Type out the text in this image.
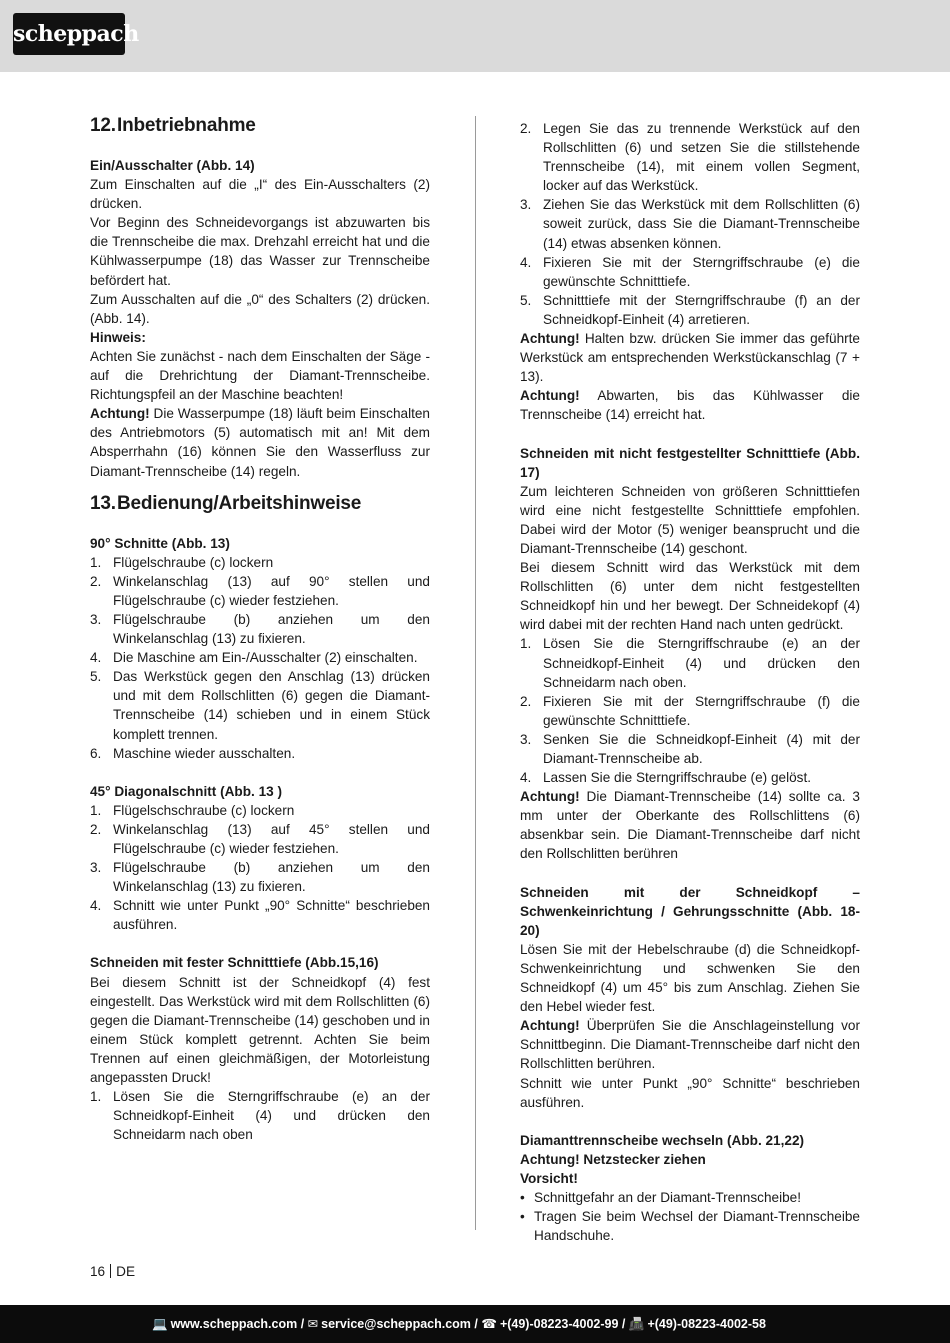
scheppach
12.Inbetriebnahme

Ein/Ausschalter (Abb. 14)

Zum Einschalten auf die „I“ des Ein-Ausschalters (2) drücken.

Vor Beginn des Schneidevorgangs ist abzuwarten bis die Trennscheibe die max. Drehzahl erreicht hat und die Kühlwasserpumpe (18) das Wasser zur Trennscheibe befördert hat.

Zum Ausschalten auf die „0“ des Schalters (2) drücken. (Abb. 14).

Hinweis:

Achten Sie zunächst - nach dem Einschalten der Säge - auf die Drehrichtung der Diamant-Trennscheibe. Richtungspfeil an der Maschine beachten!

Achtung! Die Wasserpumpe (18) läuft beim Einschalten des Antriebmotors (5) automatisch mit an! Mit dem Absperrhahn (16) können Sie den Wasserfluss zur Diamant-Trennscheibe (14) regeln.

13.Bedienung/Arbeitshinweise

90° Schnitte (Abb. 13)

1. Flügelschraube (c) lockern
2. Winkelanschlag (13) auf 90° stellen und Flügelschraube (c) wieder festziehen.
3. Flügelschraube (b) anziehen um den Winkelanschlag (13) zu fixieren.
4. Die Maschine am Ein-/Ausschalter (2) einschalten.
5. Das Werkstück gegen den Anschlag (13) drücken und mit dem Rollschlitten (6) gegen die Diamant-Trennscheibe (14) schieben und in einem Stück komplett trennen.
6. Maschine wieder ausschalten.

45° Diagonalschnitt (Abb. 13 )

1. Flügelschschraube (c) lockern
2. Winkelanschlag (13) auf 45° stellen und Flügelschraube (c) wieder festziehen.
3. Flügelschraube (b) anziehen um den Winkelanschlag (13) zu fixieren.
4. Schnitt wie unter Punkt „90° Schnitte“ beschrieben ausführen.

Schneiden mit fester Schnitttiefe (Abb.15,16)

Bei diesem Schnitt ist der Schneidkopf (4) fest eingestellt. Das Werkstück wird mit dem Rollschlitten (6) gegen die Diamant-Trennscheibe (14) geschoben und in einem Stück komplett getrennt. Achten Sie beim Trennen auf einen gleichmäßigen, der Motorleistung angepassten Druck!

1. Lösen Sie die Sterngriffschraube (e) an der Schneidkopf-Einheit (4) und drücken den Schneidarm nach oben
2. Legen Sie das zu trennende Werkstück auf den Rollschlitten (6) und setzen Sie die stillstehende Trennscheibe (14), mit einem vollen Segment, locker auf das Werkstück.
3. Ziehen Sie das Werkstück mit dem Rollschlitten (6) soweit zurück, dass Sie die Diamant-Trennscheibe (14) etwas absenken können.
4. Fixieren Sie mit der Sterngriffschraube (e) die gewünschte Schnitttiefe.
5. Schnitttiefe mit der Sterngriffschraube (f) an der Schneidkopf-Einheit (4) arretieren.

Achtung! Halten bzw. drücken Sie immer das geführte Werkstück am entsprechenden Werkstückanschlag (7 + 13).

Achtung! Abwarten, bis das Kühlwasser die Trennscheibe (14) erreicht hat.

Schneiden mit nicht festgestellter Schnitttiefe (Abb. 17)

Zum leichteren Schneiden von größeren Schnitttiefen wird eine nicht festgestellte Schnitttiefe empfohlen. Dabei wird der Motor (5) weniger beansprucht und die Diamant-Trennscheibe (14) geschont.

Bei diesem Schnitt wird das Werkstück mit dem Rollschlitten (6) unter dem nicht festgestellten Schneidkopf hin und her bewegt. Der Schneidekopf (4) wird dabei mit der rechten Hand nach unten gedrückt.

1. Lösen Sie die Sterngriffschraube (e) an der Schneidkopf-Einheit (4) und drücken den Schneidarm nach oben.
2. Fixieren Sie mit der Sterngriffschraube (f) die gewünschte Schnitttiefe.
3. Senken Sie die Schneidkopf-Einheit (4) mit der Diamant-Trennscheibe ab.
4. Lassen Sie die Sterngriffschraube (e) gelöst.

Achtung! Die Diamant-Trennscheibe (14) sollte ca. 3 mm unter der Oberkante des Rollschlittens (6) absenkbar sein. Die Diamant-Trennscheibe darf nicht den Rollschlitten berühren

Schneiden mit der Schneidkopf – Schwenkeinrichtung / Gehrungsschnitte (Abb. 18-20)

Lösen Sie mit der Hebelschraube (d) die Schneidkopf-Schwenkeinrichtung und schwenken Sie den Schneidkopf (4) um 45° bis zum Anschlag. Ziehen Sie den Hebel wieder fest.

Achtung! Überprüfen Sie die Anschlageinstellung vor Schnittbeginn. Die Diamant-Trennscheibe darf nicht den Rollschlitten berühren.

Schnitt wie unter Punkt „90° Schnitte“ beschrieben ausführen.

Diamanttrennscheibe wechseln (Abb. 21,22)

Achtung! Netzstecker ziehen

Vorsicht!

• Schnittgefahr an der Diamant-Trennscheibe!
• Tragen Sie beim Wechsel der Diamant-Trennscheibe Handschuhe.
16 DE
💻 www.scheppach.com / ✉ service@scheppach.com / ☎ +(49)-08223-4002-99 / 📠 +(49)-08223-4002-58
